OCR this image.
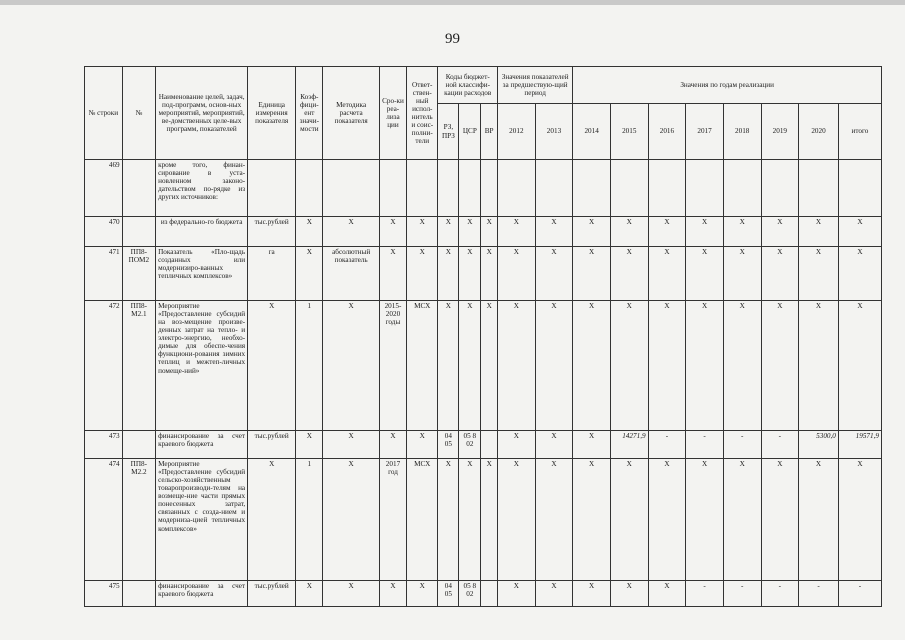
99
№ строки	№	Наименование целей, задач, под-программ, основ-ных мероприятий, мероприятий, ве-домственных целе-вых программ, показателей	Единица измерения показателя	Коэф-фици-ент значи-мости	Методика расчета показателя	Сро-ки реа-лиза ции	Ответ-ствен-ный испол-нитель и соис-полни-тели	Коды бюджет-ной классифи-кации расходов			Значения показателей за предшествую-щий период		Значения по годам реализации							
								РЗ, ПРЗ	ЦСР	ВР	2012	2013	2014	2015	2016	2017	2018	2019	2020	итого
469		кроме того, финан-сирование в уста-новленном законо-дательством по-рядке из других источников:																		
470		из федерально-го бюджета	тыс.рублей	X	X	X	X	X	X	X	X	X	X	X	X	X	X	X	X	X
471	ПП8-ПОМ2	Показатель «Пло-щадь созданных или модернизиро-ванных тепличных комплексов»	га	X	абсолютный показатель	X	X	X	X	X	X	X	X	X	X	X	X	X	X	X
472	ПП8-М2.1	Мероприятие «Предоставление субсидий на воз-мещение произве-денных затрат на тепло- и электро-энергию, необхо-димые для обеспе-чения функциони-рования зимних теплиц и межтеп-личных помеще-ний»	X	1	X	2015-2020 годы	МСХ	X	X	X	X	X	X	X	X	X	X	X	X	X
473		финансирование за счет краевого бюджета	тыс.рублей	X	X	X	X	04 05	05 8 02		X	X	X	14271,9	-	-	-	-	5300,0	19571,9
474	ПП8-М2.2	Мероприятие «Предоставление субсидий сельско-хозяйственным товаропроизводи-телям на возмеще-ние части прямых понесенных затрат, связанных с созда-нием и модерниза-цией тепличных комплексов»	X	1	X	2017 год	МСХ	X	X	X	X	X	X	X	X	X	X	X	X	X
475		финансирование за счет краевого бюджета	тыс.рублей	X	X	X	X	04 05	05 8 02		X	X	X	X	X	-	-	-	-	-
